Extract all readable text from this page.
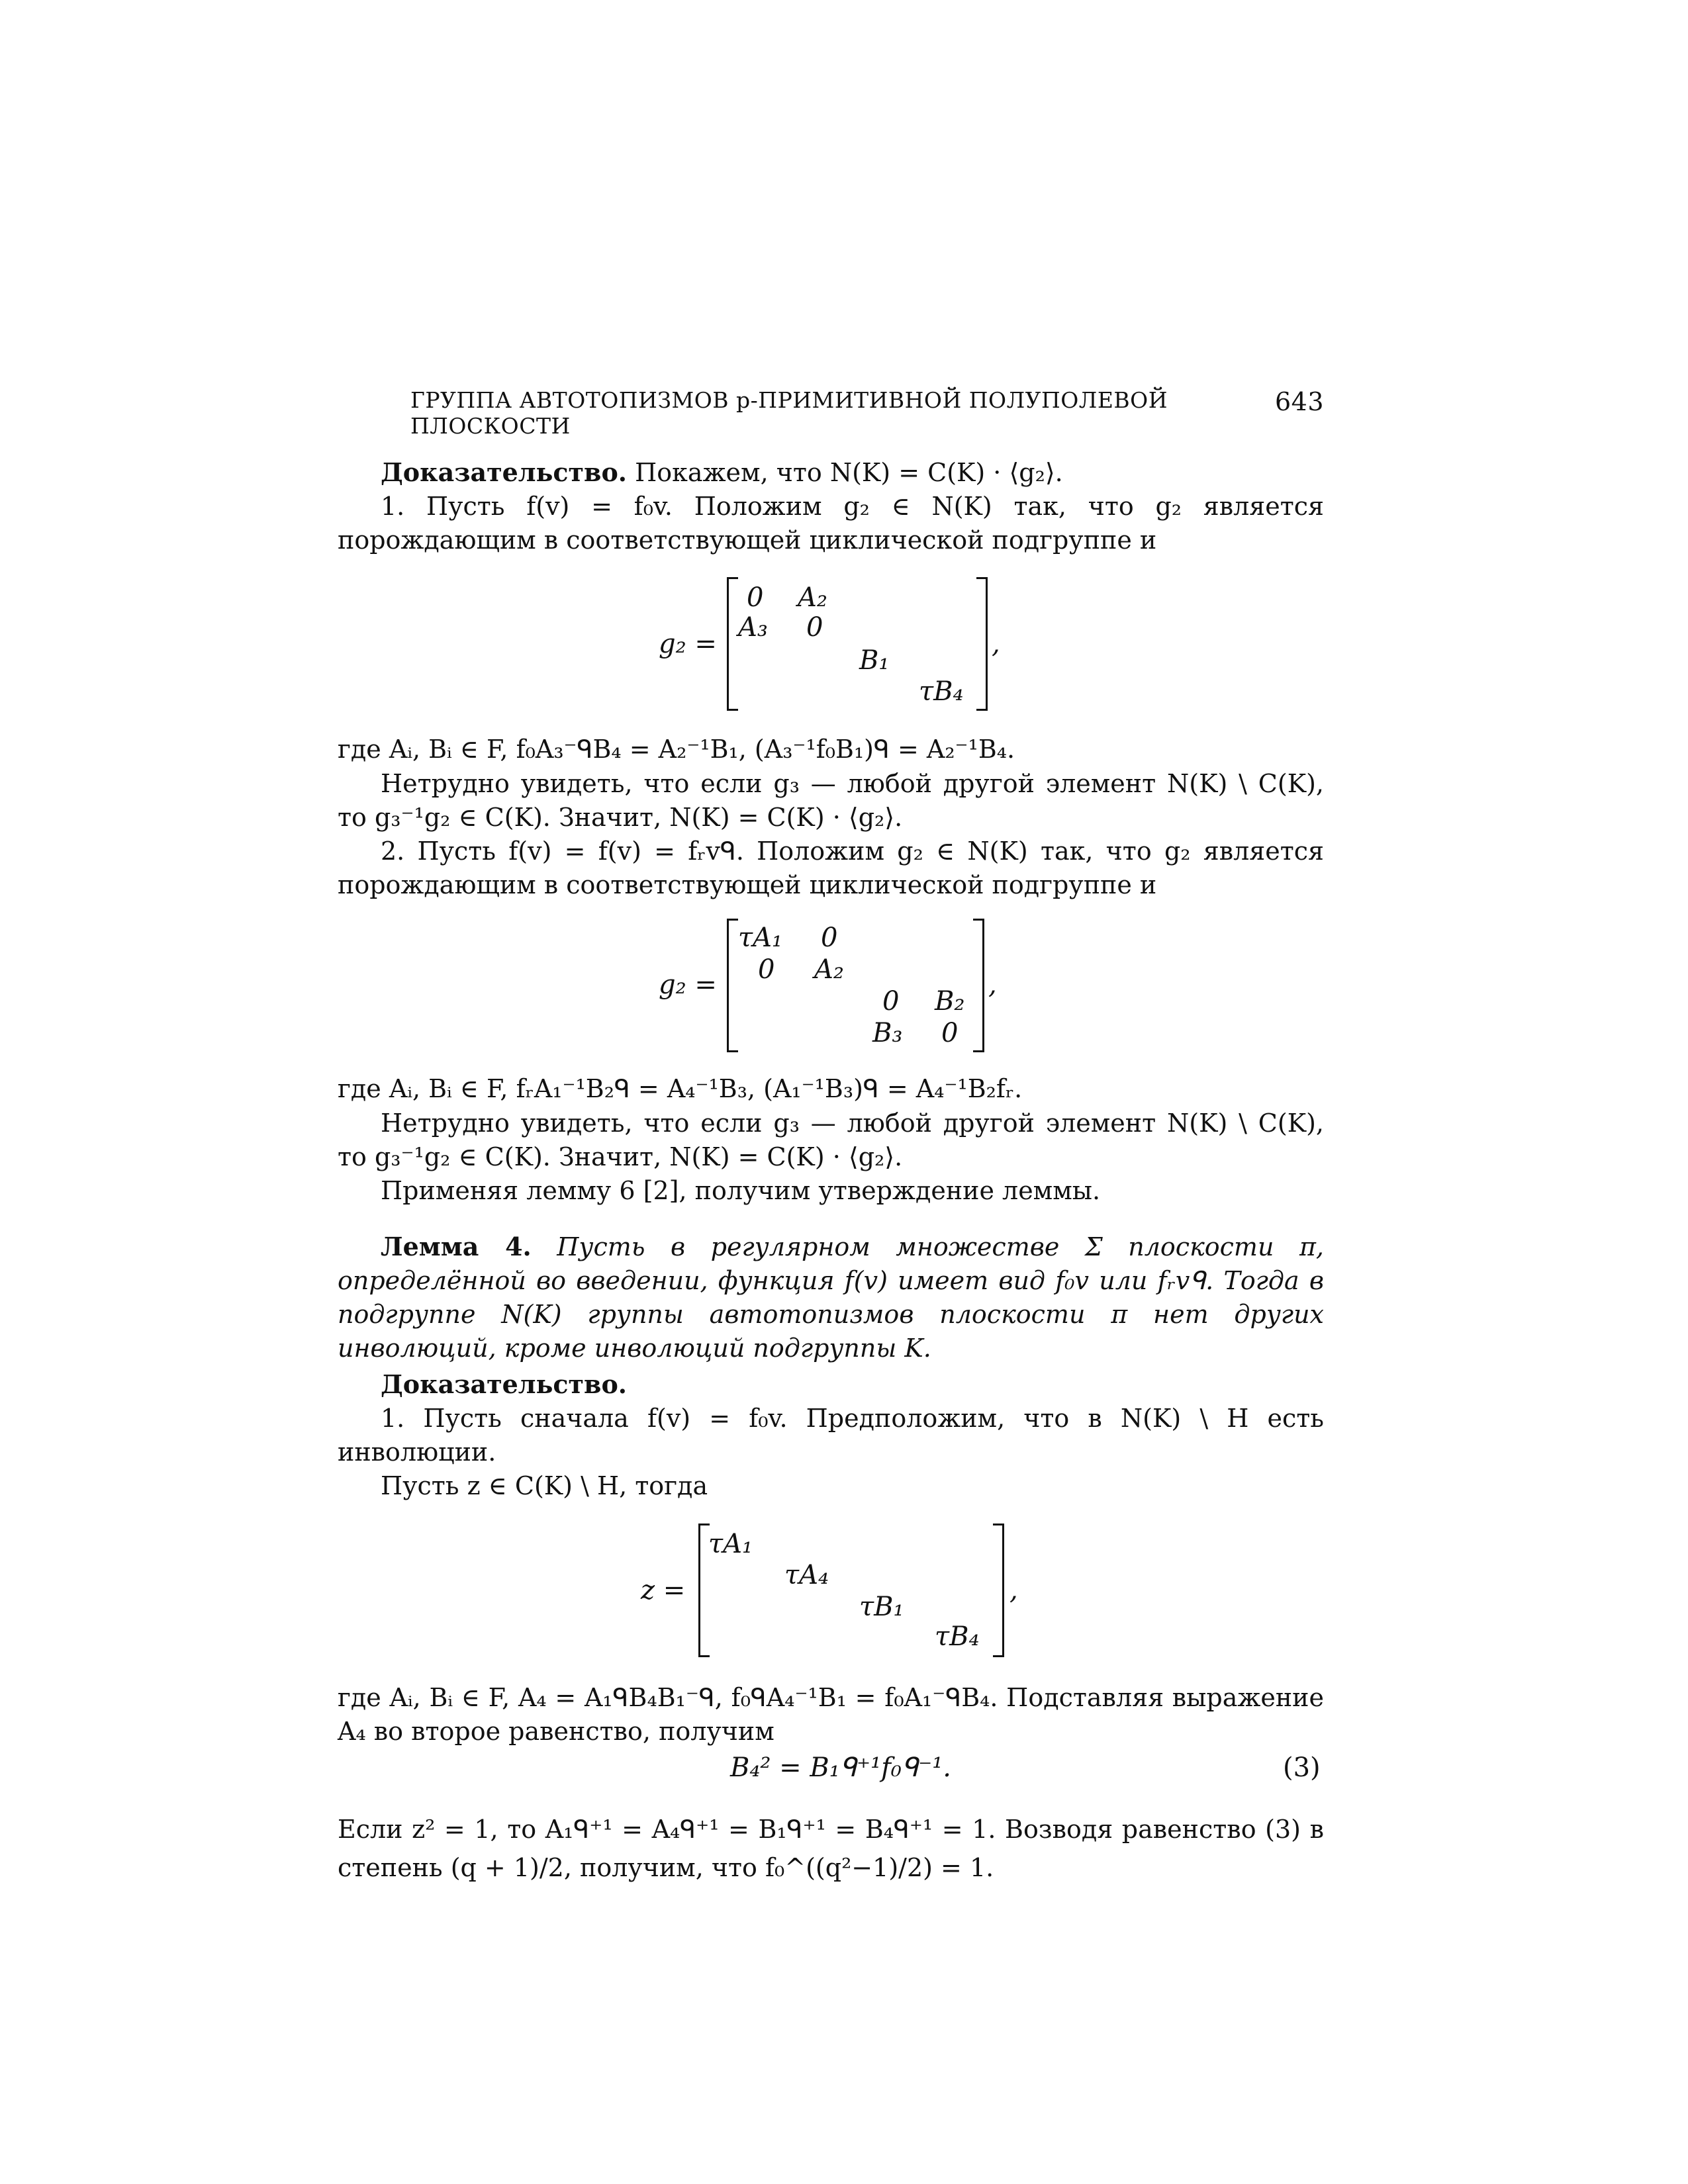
ГРУППА АВТОТОПИЗМОВ p-ПРИМИТИВНОЙ ПОЛУПОЛЕВОЙ ПЛОСКОСТИ
643
Доказательство. Покажем, что N(K) = C(K) · ⟨g₂⟩.
1. Пусть f(v) = f₀v. Положим g₂ ∈ N(K) так, что g₂ является порождающим в соответствующей циклической подгруппе и
g₂ =
0 A₂
A₃ 0
B₁
τB₄
,
где Aᵢ, Bᵢ ∈ F, f₀A₃⁻ᑫB₄ = A₂⁻¹B₁, (A₃⁻¹f₀B₁)ᑫ = A₂⁻¹B₄.
Нетрудно увидеть, что если g₃ — любой другой элемент N(K) \ C(K), то g₃⁻¹g₂ ∈ C(K). Значит, N(K) = C(K) · ⟨g₂⟩.
2. Пусть f(v) = f(v) = fᵣvᑫ. Положим g₂ ∈ N(K) так, что g₂ является порождающим в соответствующей циклической подгруппе и
g₂ =
τA₁ 0
0 A₂
0 B₂
B₃ 0
,
где Aᵢ, Bᵢ ∈ F, fᵣA₁⁻¹B₂ᑫ = A₄⁻¹B₃, (A₁⁻¹B₃)ᑫ = A₄⁻¹B₂fᵣ.
Нетрудно увидеть, что если g₃ — любой другой элемент N(K) \ C(K), то g₃⁻¹g₂ ∈ C(K). Значит, N(K) = C(K) · ⟨g₂⟩.
Применяя лемму 6 [2], получим утверждение леммы.
Лемма 4. Пусть в регулярном множестве Σ плоскости π, определённой во введении, функция f(v) имеет вид f₀v или fᵣvᑫ. Тогда в подгруппе N(K) группы автотопизмов плоскости π нет других инволюций, кроме инволюций подгруппы K.
Доказательство.
1. Пусть сначала f(v) = f₀v. Предположим, что в N(K) \ H есть инволюции.
Пусть z ∈ C(K) \ H, тогда
z =
τA₁
τA₄
τB₁
τB₄
,
где Aᵢ, Bᵢ ∈ F, A₄ = A₁ᑫB₄B₁⁻ᑫ, f₀ᑫA₄⁻¹B₁ = f₀A₁⁻ᑫB₄. Подставляя выражение A₄ во второе равенство, получим
B₄² = B₁ᑫ⁺¹f₀ᑫ⁻¹.	(3)
Если z² = 1, то A₁ᑫ⁺¹ = A₄ᑫ⁺¹ = B₁ᑫ⁺¹ = B₄ᑫ⁺¹ = 1. Возводя равенство (3) в степень (q + 1)/2, получим, что f₀^((q²−1)/2) = 1.
